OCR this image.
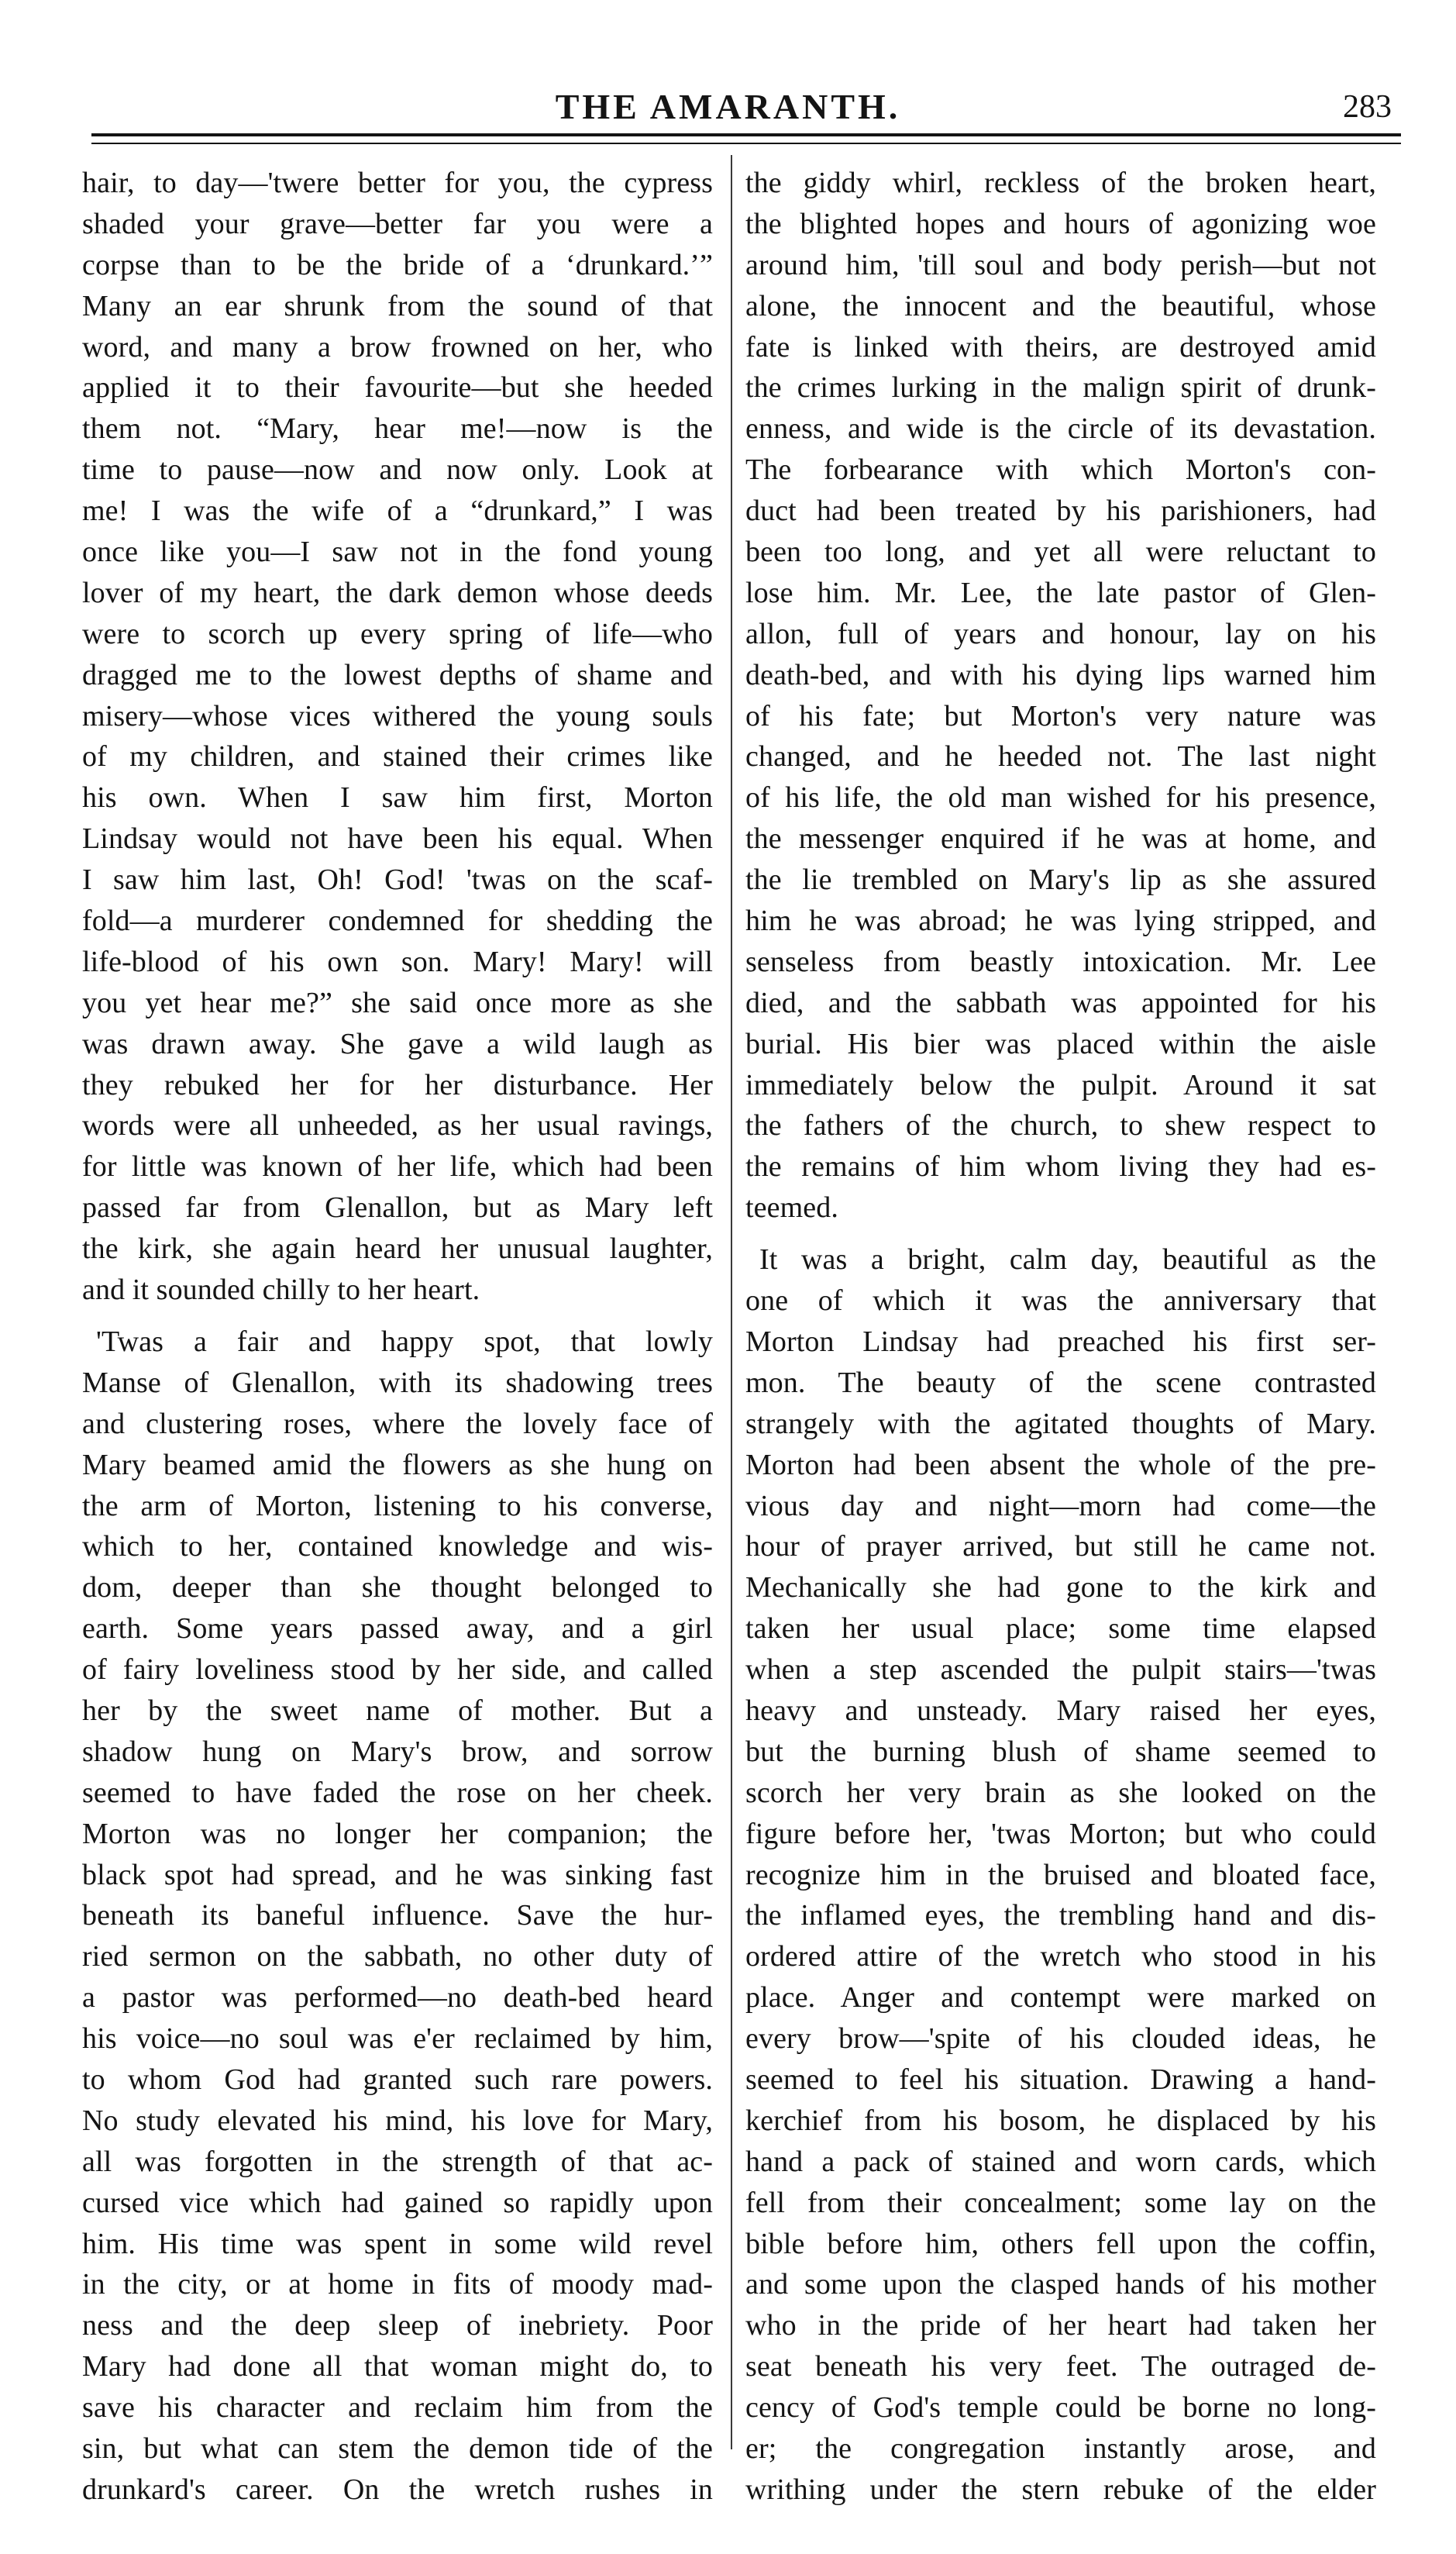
THE AMARANTH.	283
hair, to day—'twere better for you, the cypress
shaded your grave—better far you were a
corpse than to be the bride of a ‘drunkard.’”
Many an ear shrunk from the sound of that
word, and many a brow frowned on her, who
applied it to their favourite—but she heeded
them not. “Mary, hear me!—now is the
time to pause—now and now only. Look at
me! I was the wife of a “drunkard,” I was
once like you—I saw not in the fond young
lover of my heart, the dark demon whose deeds
were to scorch up every spring of life—who
dragged me to the lowest depths of shame and
misery—whose vices withered the young souls
of my children, and stained their crimes like
his own. When I saw him first, Morton
Lindsay would not have been his equal. When
I saw him last, Oh! God! 'twas on the scaf-
fold—a murderer condemned for shedding the
life-blood of his own son. Mary! Mary! will
you yet hear me?” she said once more as she
was drawn away. She gave a wild laugh as
they rebuked her for her disturbance. Her
words were all unheeded, as her usual ravings,
for little was known of her life, which had been
passed far from Glenallon, but as Mary left
the kirk, she again heard her unusual laughter,
and it sounded chilly to her heart.
'Twas a fair and happy spot, that lowly
Manse of Glenallon, with its shadowing trees
and clustering roses, where the lovely face of
Mary beamed amid the flowers as she hung on
the arm of Morton, listening to his converse,
which to her, contained knowledge and wis-
dom, deeper than she thought belonged to
earth. Some years passed away, and a girl
of fairy loveliness stood by her side, and called
her by the sweet name of mother. But a
shadow hung on Mary's brow, and sorrow
seemed to have faded the rose on her cheek.
Morton was no longer her companion; the
black spot had spread, and he was sinking fast
beneath its baneful influence. Save the hur-
ried sermon on the sabbath, no other duty of
a pastor was performed—no death-bed heard
his voice—no soul was e'er reclaimed by him,
to whom God had granted such rare powers.
No study elevated his mind, his love for Mary,
all was forgotten in the strength of that ac-
cursed vice which had gained so rapidly upon
him. His time was spent in some wild revel
in the city, or at home in fits of moody mad-
ness and the deep sleep of inebriety. Poor
Mary had done all that woman might do, to
save his character and reclaim him from the
sin, but what can stem the demon tide of the
drunkard's career. On the wretch rushes in
the giddy whirl, reckless of the broken heart,
the blighted hopes and hours of agonizing woe
around him, 'till soul and body perish—but not
alone, the innocent and the beautiful, whose
fate is linked with theirs, are destroyed amid
the crimes lurking in the malign spirit of drunk-
enness, and wide is the circle of its devastation.
The forbearance with which Morton's con-
duct had been treated by his parishioners, had
been too long, and yet all were reluctant to
lose him. Mr. Lee, the late pastor of Glen-
allon, full of years and honour, lay on his
death-bed, and with his dying lips warned him
of his fate; but Morton's very nature was
changed, and he heeded not. The last night
of his life, the old man wished for his presence,
the messenger enquired if he was at home, and
the lie trembled on Mary's lip as she assured
him he was abroad; he was lying stripped, and
senseless from beastly intoxication. Mr. Lee
died, and the sabbath was appointed for his
burial. His bier was placed within the aisle
immediately below the pulpit. Around it sat
the fathers of the church, to shew respect to
the remains of him whom living they had es-
teemed.
It was a bright, calm day, beautiful as the
one of which it was the anniversary that
Morton Lindsay had preached his first ser-
mon. The beauty of the scene contrasted
strangely with the agitated thoughts of Mary.
Morton had been absent the whole of the pre-
vious day and night—morn had come—the
hour of prayer arrived, but still he came not.
Mechanically she had gone to the kirk and
taken her usual place; some time elapsed
when a step ascended the pulpit stairs—'twas
heavy and unsteady. Mary raised her eyes,
but the burning blush of shame seemed to
scorch her very brain as she looked on the
figure before her, 'twas Morton; but who could
recognize him in the bruised and bloated face,
the inflamed eyes, the trembling hand and dis-
ordered attire of the wretch who stood in his
place. Anger and contempt were marked on
every brow—'spite of his clouded ideas, he
seemed to feel his situation. Drawing a hand-
kerchief from his bosom, he displaced by his
hand a pack of stained and worn cards, which
fell from their concealment; some lay on the
bible before him, others fell upon the coffin,
and some upon the clasped hands of his mother
who in the pride of her heart had taken her
seat beneath his very feet. The outraged de-
cency of God's temple could be borne no long-
er; the congregation instantly arose, and
writhing under the stern rebuke of the elder
